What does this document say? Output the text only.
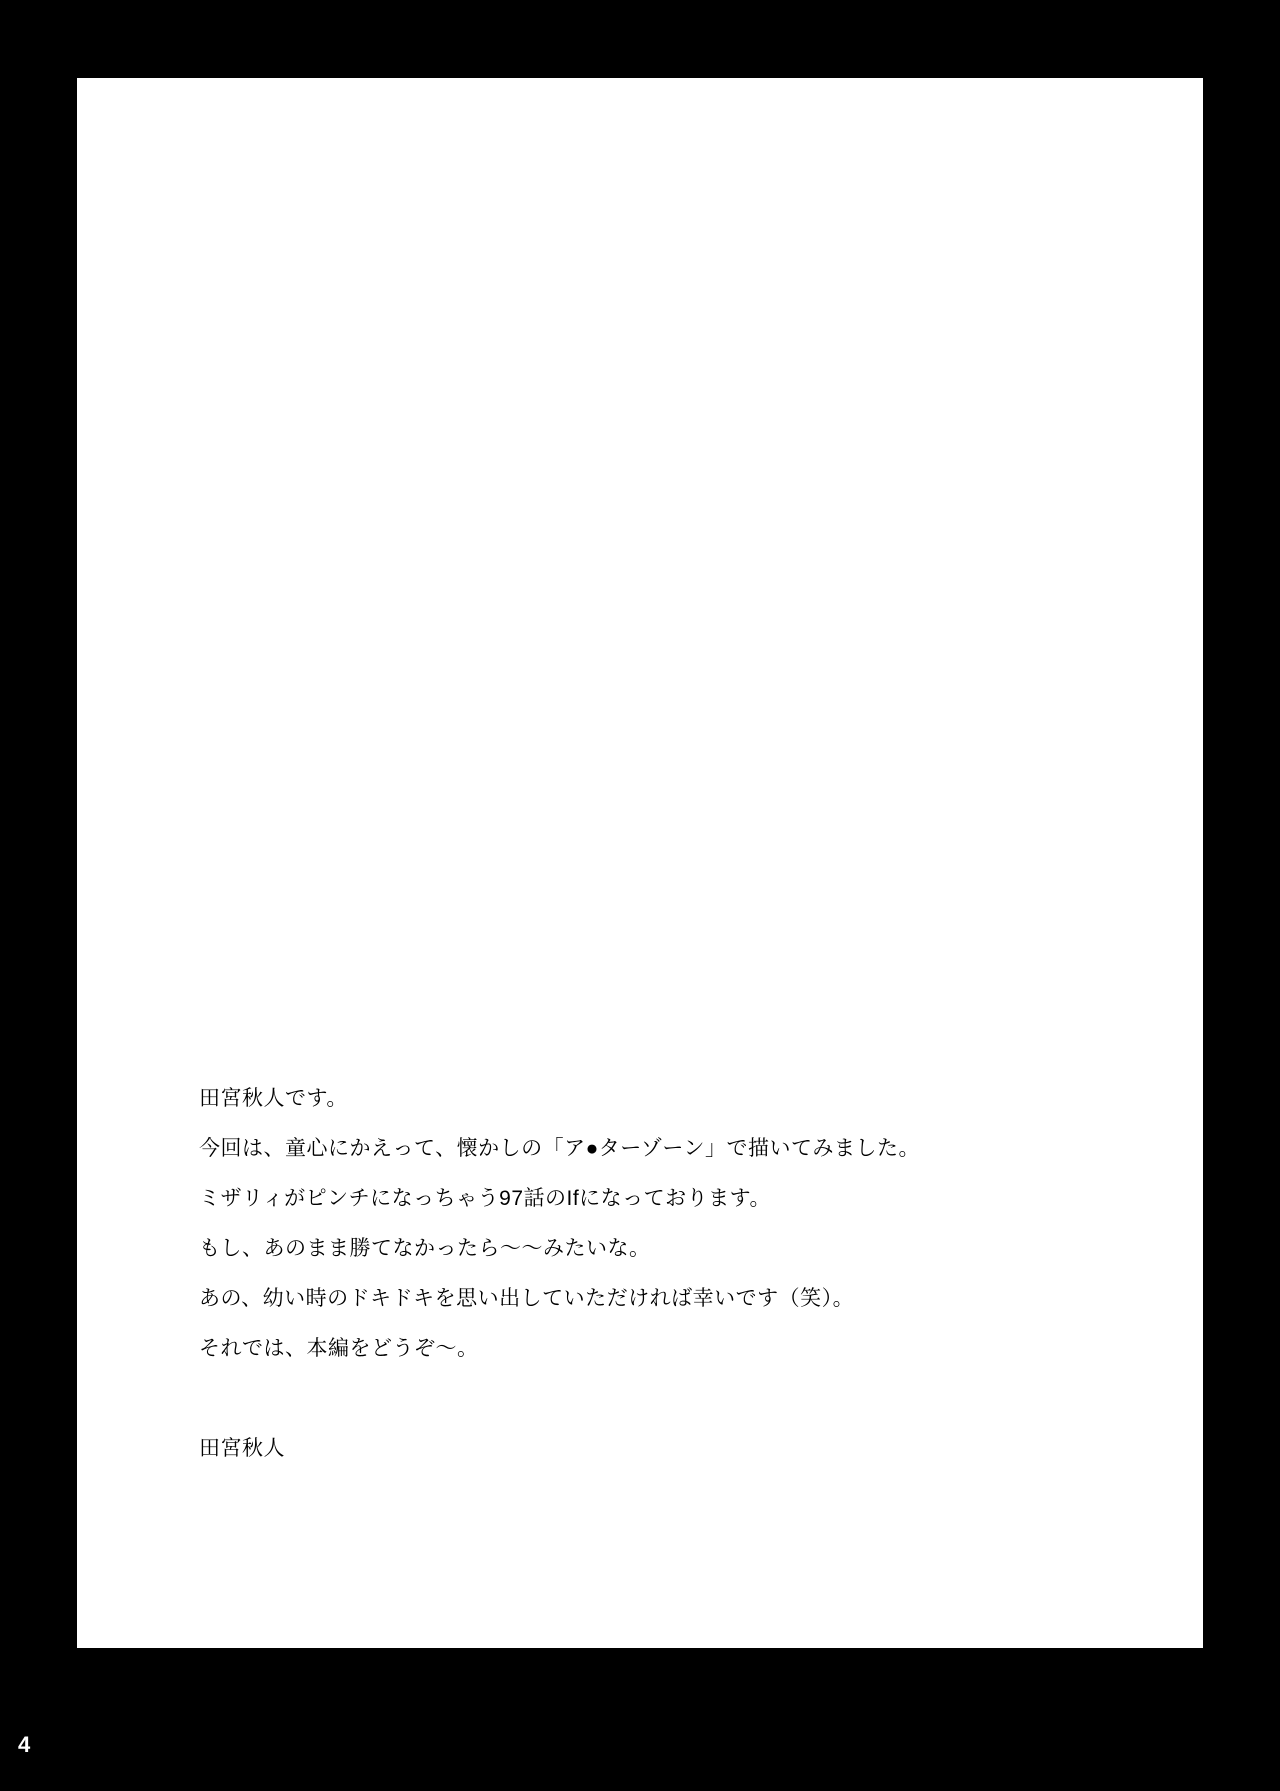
田宮秋人です。
今回は、童心にかえって、懐かしの「ア●ターゾーン」で描いてみました。
ミザリィがピンチになっちゃう97話のIfになっております。
もし、あのまま勝てなかったら〜〜みたいな。
あの、幼い時のドキドキを思い出していただければ幸いです（笑）。
それでは、本編をどうぞ〜。
田宮秋人
4
